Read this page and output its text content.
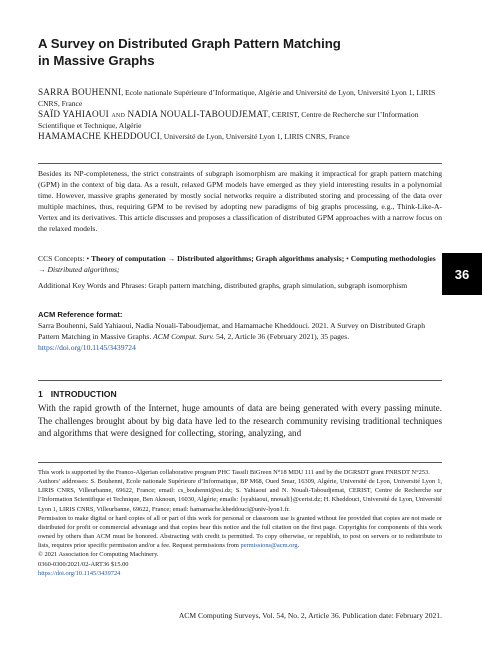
A Survey on Distributed Graph Pattern Matching
in Massive Graphs
SARRA BOUHENNI, Ecole nationale Supérieure d’Informatique, Algérie and Université de Lyon, Université Lyon 1, LIRIS CNRS, France
SAÏD YAHIAOUI and NADIA NOUALI-TABOUDJEMAT, CERIST, Centre de Recherche sur l’Information Scientifique et Technique, Algérie
HAMAMACHE KHEDDOUCI, Université de Lyon, Université Lyon 1, LIRIS CNRS, France
Besides its NP-completeness, the strict constraints of subgraph isomorphism are making it impractical for graph pattern matching (GPM) in the context of big data. As a result, relaxed GPM models have emerged as they yield interesting results in a polynomial time. However, massive graphs generated by mostly social networks require a distributed storing and processing of the data over multiple machines, thus, requiring GPM to be revised by adopting new paradigms of big graphs processing, e.g., Think-Like-A-Vertex and its derivatives. This article discusses and proposes a classification of distributed GPM approaches with a narrow focus on the relaxed models.
CCS Concepts: • Theory of computation → Distributed algorithms; Graph algorithms analysis; • Computing methodologies → Distributed algorithms;
Additional Key Words and Phrases: Graph pattern matching, distributed graphs, graph simulation, subgraph isomorphism
ACM Reference format:
Sarra Bouhenni, Saïd Yahiaoui, Nadia Nouali-Taboudjemat, and Hamamache Kheddouci. 2021. A Survey on Distributed Graph Pattern Matching in Massive Graphs. ACM Comput. Surv. 54, 2, Article 36 (February 2021), 35 pages.
https://doi.org/10.1145/3439724
1 INTRODUCTION
With the rapid growth of the Internet, huge amounts of data are being generated with every passing minute. The challenges brought about by big data have led to the research community revising traditional techniques and algorithms that were designed for collecting, storing, analyzing, and
This work is supported by the Franco-Algerian collaborative program PHC Tassili BiGreen N°18 MDU 111 and by the DGRSDT grant FNRSDT N°253.
Authors’ addresses: S. Bouhenni, Ecole nationale Supérieure d’Informatique, BP M68, Oued Smar, 16309, Algérie, Université de Lyon, Université Lyon 1, LIRIS CNRS, Villeurbanne, 69622, France; email: cs_bouhenni@esi.dz; S. Yahiaoui and N. Nouali-Taboudjemat, CERIST, Centre de Recherche sur l’Information Scientifique et Technique, Ben Aknoun, 16030, Algérie; emails: {syahiaoui, nnouali}@cerist.dz; H. Kheddouci, Université de Lyon, Université Lyon 1, LIRIS CNRS, Villeurbanne, 69622, France; email: hamamache.kheddouci@univ-lyon1.fr.
Permission to make digital or hard copies of all or part of this work for personal or classroom use is granted without fee provided that copies are not made or distributed for profit or commercial advantage and that copies bear this notice and the full citation on the first page. Copyrights for components of this work owned by others than ACM must be honored. Abstracting with credit is permitted. To copy otherwise, or republish, to post on servers or to redistribute to lists, requires prior specific permission and/or a fee. Request permissions from permissions@acm.org.
© 2021 Association for Computing Machinery.
0360-0300/2021/02-ART36 $15.00
https://doi.org/10.1145/3439724
ACM Computing Surveys, Vol. 54, No. 2, Article 36. Publication date: February 2021.
36
